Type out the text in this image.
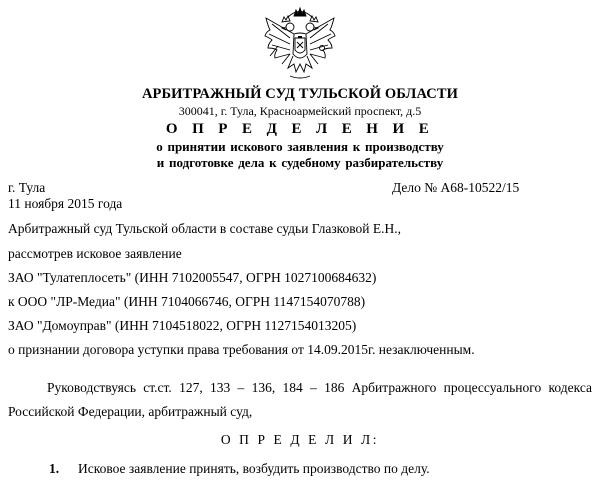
АРБИТРАЖНЫЙ СУД ТУЛЬСКОЙ ОБЛАСТИ
300041, г. Тула, Красноармейский проспект, д.5
О П Р Е Д Е Л Е Н И Е
о принятии искового заявления к производству
и подготовке дела к судебному разбирательству
г. Тула	Дело № А68-10522/15
11 ноября 2015 года
Арбитражный суд Тульской области в составе судьи Глазковой Е.Н.,
рассмотрев исковое заявление
ЗАО "Тулатеплосеть" (ИНН 7102005547, ОГРН 1027100684632)
к ООО "ЛР-Медиа" (ИНН 7104066746, ОГРН 1147154070788)
ЗАО "Домоуправ" (ИНН 7104518022, ОГРН 1127154013205)
о признании договора уступки права требования от 14.09.2015г. незаключенным.
Руководствуясь ст.ст. 127, 133 – 136, 184 – 186 Арбитражного процессуального кодекса Российской Федерации, арбитражный суд,
О П Р Е Д Е Л И Л:
1. Исковое заявление принять, возбудить производство по делу.
